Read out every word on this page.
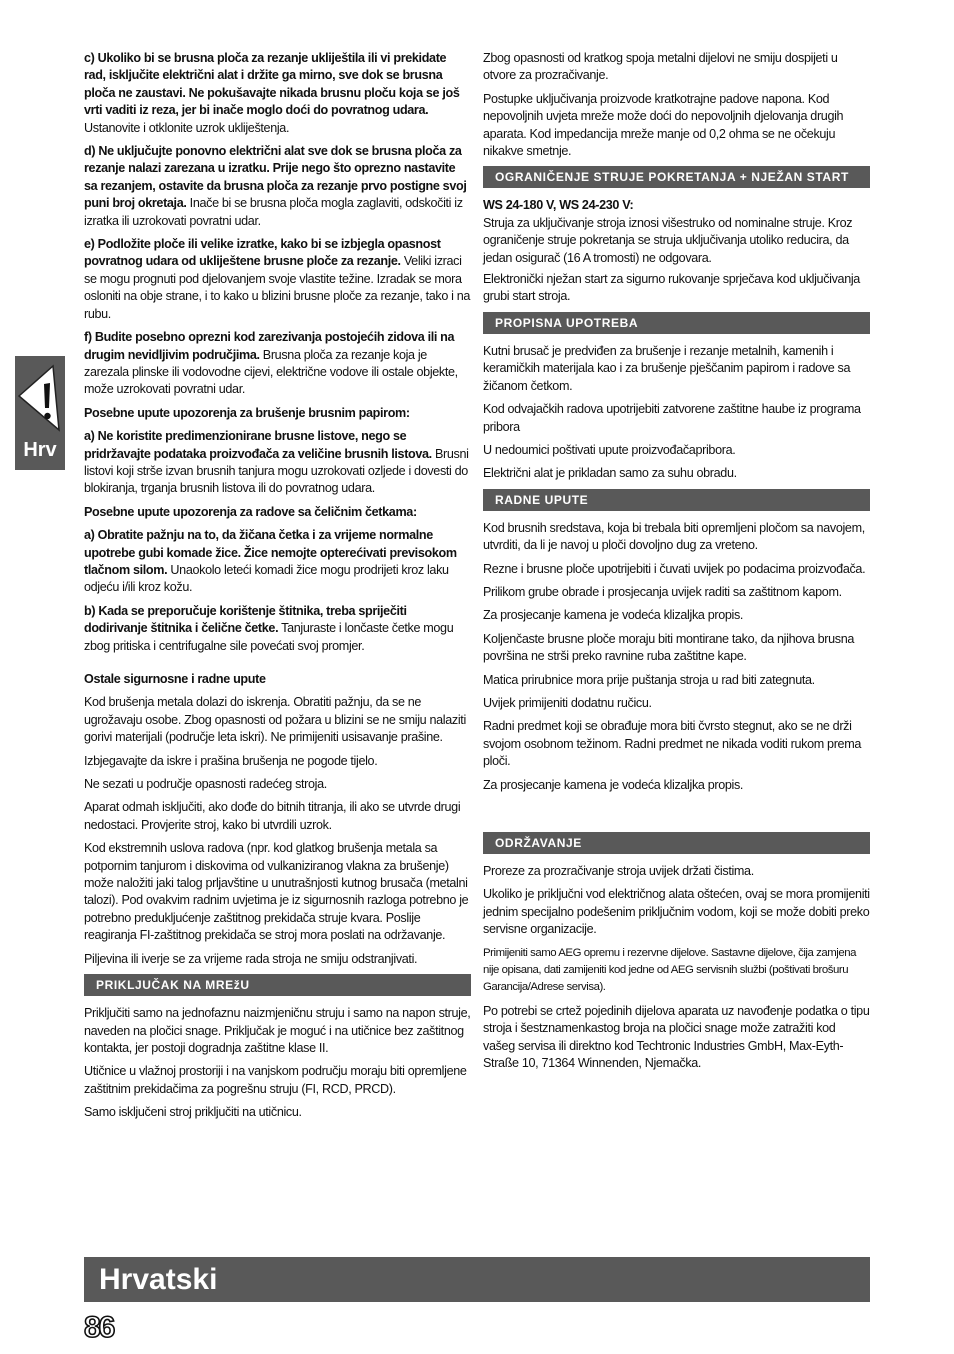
Hrv

c) Ukoliko bi se brusna ploča za rezanje ukliještila ili vi prekidate rad, isključite električni alat i držite ga mirno, sve dok se brusna ploča ne zaustavi. Ne pokušavajte nikada brusnu ploču koja se još vrti vaditi iz reza, jer bi inače moglo doći do povratnog udara. Ustanovite i otklonite uzrok ukliještenja.

d) Ne uključujte ponovno električni alat sve dok se brusna ploča za rezanje nalazi zarezana u izratku. Prije nego što oprezno nastavite sa rezanjem, ostavite da brusna ploča za rezanje prvo postigne svoj puni broj okretaja. Inače bi se brusna ploča mogla zaglaviti, odskočiti iz izratka ili uzrokovati povratni udar.

e) Podložite ploče ili velike izratke, kako bi se izbjegla opasnost povratnog udara od ukliještene brusne ploče za rezanje. Veliki izraci se mogu prognuti pod djelovanjem svoje vlastite težine. Izradak se mora osloniti na obje strane, i to kako u blizini brusne ploče za rezanje, tako i na rubu.

f) Budite posebno oprezni kod zarezivanja postojećih zidova ili na drugim nevidljivim područjima. Brusna ploča za rezanje koja je zarezala plinske ili vodovodne cijevi, električne vodove ili ostale objekte, može uzrokovati povratni udar.

Posebne upute upozorenja za brušenje brusnim papirom:

a) Ne koristite predimenzionirane brusne listove, nego se pridržavajte podataka proizvođača za veličine brusnih listova. Brusni listovi koji strše izvan brusnih tanjura mogu uzrokovati ozljede i dovesti do blokiranja, trganja brusnih listova ili do povratnog udara.

Posebne upute upozorenja za radove sa čeličnim četkama:

a) Obratite pažnju na to, da žičana četka i za vrijeme normalne upotrebe gubi komade žice. Žice nemojte opterećivati previsokom tlačnom silom. Unaokolo leteći komadi žice mogu prodrijeti kroz laku odjeću i/ili kroz kožu.

b) Kada se preporučuje korištenje štitnika, treba spriječiti dodirivanje štitnika i čelične četke. Tanjuraste i lončaste četke mogu zbog pritiska i centrifugalne sile povećati svoj promjer.

Ostale sigurnosne i radne upute

Kod brušenja metala dolazi do iskrenja. Obratiti pažnju, da se ne ugrožavaju osobe. Zbog opasnosti od požara u blizini se ne smiju nalaziti gorivi materijali (područje leta iskri). Ne primijeniti usisavanje prašine.

Izbjegavajte da iskre i prašina brušenja ne pogode tijelo.

Ne sezati u područje opasnosti radećeg stroja.

Aparat odmah isključiti, ako dođe do bitnih titranja, ili ako se utvrde drugi nedostaci. Provjerite stroj, kako bi utvrdili uzrok.

Kod ekstremnih uslova radova (npr. kod glatkog brušenja metala sa potpornim tanjurom i diskovima od vulkaniziranog vlakna za brušenje) može naložiti jaki talog prljavštine u unutrašnjosti kutnog brusača (metalni talozi). Pod ovakvim radnim uvjetima je iz sigurnosnih razloga potrebno je potrebno predukljućenje zaštitnog prekidača struje kvara. Poslije reagiranja FI-zaštitnog prekidača se stroj mora poslati na održavanje.

Piljevina ili iverje se za vrijeme rada stroja ne smiju odstranjivati.

PRIKLJUČAK NA MREžU

Priključiti samo na jednofaznu naizmjeničnu struju i samo na napon struje, naveden na pločici snage. Priključak je moguć i na utičnice bez zaštitnog kontakta, jer postoji dogradnja zaštitne klase II.

Utičnice u vlažnoj prostoriji i na vanjskom području moraju biti opremljene zaštitnim prekidačima za pogrešnu struju (FI, RCD, PRCD).

Samo isključeni stroj priključiti na utičnicu.

Zbog opasnosti od kratkog spoja metalni dijelovi ne smiju dospijeti u otvore za prozračivanje.

Postupke uključivanja proizvode kratkotrajne padove napona. Kod nepovoljnih uvjeta mreže može doći do nepovoljnih djelovanja drugih aparata. Kod impedancija mreže manje od 0,2 ohma se ne očekuju nikakve smetnje.

OGRANIČENJE STRUJE POKRETANJA + NJEŽAN START

WS 24-180 V, WS 24-230 V:
Struja za uključivanje stroja iznosi višestruko od nominalne struje. Kroz ograničenje struje pokretanja se struja uključivanja utoliko reducira, da jedan osigurač (16 A tromosti) ne odgovara.

Elektronički nježan start za sigurno rukovanje sprječava kod uključivanja grubi start stroja.

PROPISNA UPOTREBA

Kutni brusač je predviđen za brušenje i rezanje metalnih, kamenih i keramičkih materijala kao i za brušenje pješčanim papirom i radove sa žičanom četkom.

Kod odvajačkih radova upotrijebiti zatvorene zaštitne haube iz programa pribora

U nedoumici poštivati upute proizvođačapribora.

Električni alat je prikladan samo za suhu obradu.

RADNE UPUTE

Kod brusnih sredstava, koja bi trebala biti opremljeni pločom sa navojem, utvrditi, da li je navoj u ploči dovoljno dug za vreteno.

Rezne i brusne ploče upotrijebiti i čuvati uvijek po podacima proizvođača.

Prilikom grube obrade i prosjecanja uvijek raditi sa zaštitnom kapom.

Za prosjecanje kamena je vodeća klizaljka propis.

Koljenčaste brusne ploče moraju biti montirane tako, da njihova brusna površina ne strši preko ravnine ruba zaštitne kape.

Matica prirubnice mora prije puštanja stroja u rad biti zategnuta.

Uvijek primijeniti dodatnu ručicu.

Radni predmet koji se obrađuje mora biti čvrsto stegnut, ako se ne drži svojom osobnom težinom. Radni predmet ne nikada voditi rukom prema ploči.

Za prosjecanje kamena je vodeća klizaljka propis.

ODRŽAVANJE

Proreze za prozračivanje stroja uvijek držati čistima.

Ukoliko je priključni vod električnog alata oštećen, ovaj se mora promijeniti jednim specijalno podešenim priključnim vodom, koji se može dobiti preko servisne organizacije.

Primijeniti samo AEG opremu i rezervne dijelove. Sastavne dijelove, čija zamjena nije opisana, dati zamijeniti kod jedne od AEG servisnih službi (poštivati brošuru Garancija/Adrese servisa).

Po potrebi se crtež pojedinih dijelova aparata uz navođenje podatka o tipu stroja i šestznamenkastog broja na pločici snage može zatražiti kod vašeg servisa ili direktno kod Techtronic Industries GmbH, Max-Eyth-Straße 10, 71364 Winnenden, Njemačka.

Hrvatski
86
